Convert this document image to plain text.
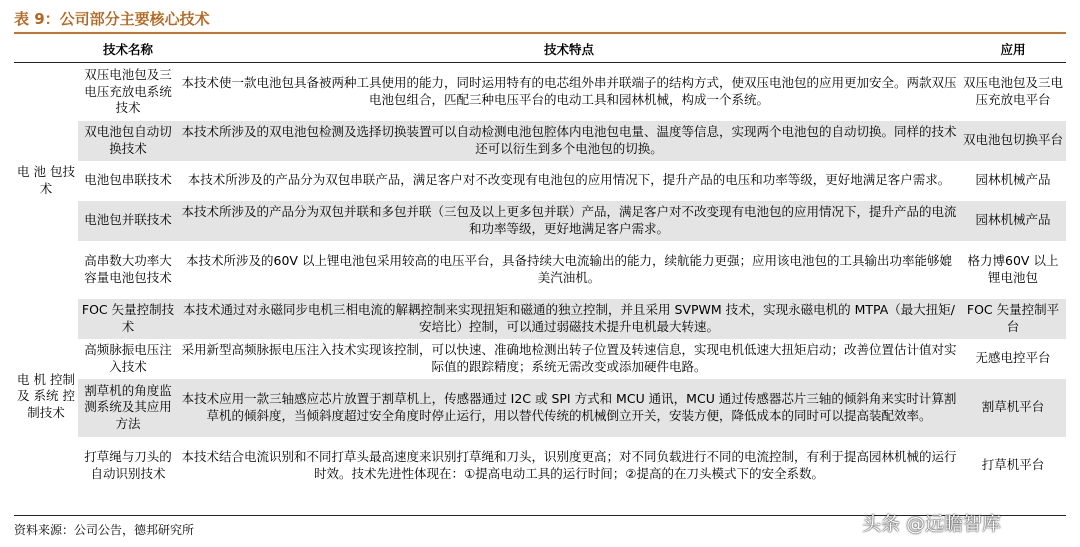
表 9：公司部分主要核心技术
	技术名称	技术特点	应用
电 池 包技术	双压电池包及三电压充放电系统技术	本技术使一款电池包具备被两种工具使用的能力，同时运用特有的电芯组外串并联端子的结构方式，使双压电池包的应用更加安全。两款双压电池包组合，匹配三种电压平台的电动工具和园林机械，构成一个系统。	双压电池包及三电压充放电平台
	双电池包自动切换技术	本技术所涉及的双电池包检测及选择切换装置可以自动检测电池包腔体内电池包电量、温度等信息，实现两个电池包的自动切换。同样的技术还可以衍生到多个电池包的切换。	双电池包切换平台
	电池包串联技术	本技术所涉及的产品分为双包串联产品，满足客户对不改变现有电池包的应用情况下，提升产品的电压和功率等级，更好地满足客户需求。	园林机械产品
	电池包并联技术	本技术所涉及的产品分为双包并联和多包并联（三包及以上更多包并联）产品，满足客户对不改变现有电池包的应用情况下，提升产品的电流和功率等级，更好地满足客户需求。	园林机械产品
	高串数大功率大容量电池包技术	本技术所涉及的60V 以上锂电池包采用较高的电压平台，具备持续大电流输出的能力，续航能力更强；应用该电池包的工具输出功率能够媲美汽油机。	格力博60V 以上锂电池包
电 机 控制 及 系统 控 制技术	FOC 矢量控制技术	本技术通过对永磁同步电机三相电流的解耦控制来实现扭矩和磁通的独立控制，并且采用 SVPWM 技术，实现永磁电机的 MTPA（最大扭矩/安培比）控制，可以通过弱磁技术提升电机最大转速。	FOC 矢量控制平台
	高频脉振电压注入技术	采用新型高频脉振电压注入技术实现该控制，可以快速、准确地检测出转子位置及转速信息，实现电机低速大扭矩启动；改善位置估计值对实际值的跟踪精度；系统无需改变或添加硬件电路。	无感电控平台
	割草机的角度监测系统及其应用方法	本技术应用一款三轴感应芯片放置于割草机上，传感器通过 I2C 或 SPI 方式和 MCU 通讯，MCU 通过传感器芯片三轴的倾斜角来实时计算割草机的倾斜度，当倾斜度超过安全角度时停止运行，用以替代传统的机械倒立开关，安装方便，降低成本的同时可以提高装配效率。	割草机平台
	打草绳与刀头的自动识别技术	本技术结合电流识别和不同打草头最高速度来识别打草绳和刀头，识别度更高；对不同负载进行不同的电流控制，有利于提高园林机械的运行时效。技术先进性体现在：①提高电动工具的运行时间；②提高的在刀头模式下的安全系数。	打草机平台
资料来源：公司公告，德邦研究所	头条 @远瞻智库
